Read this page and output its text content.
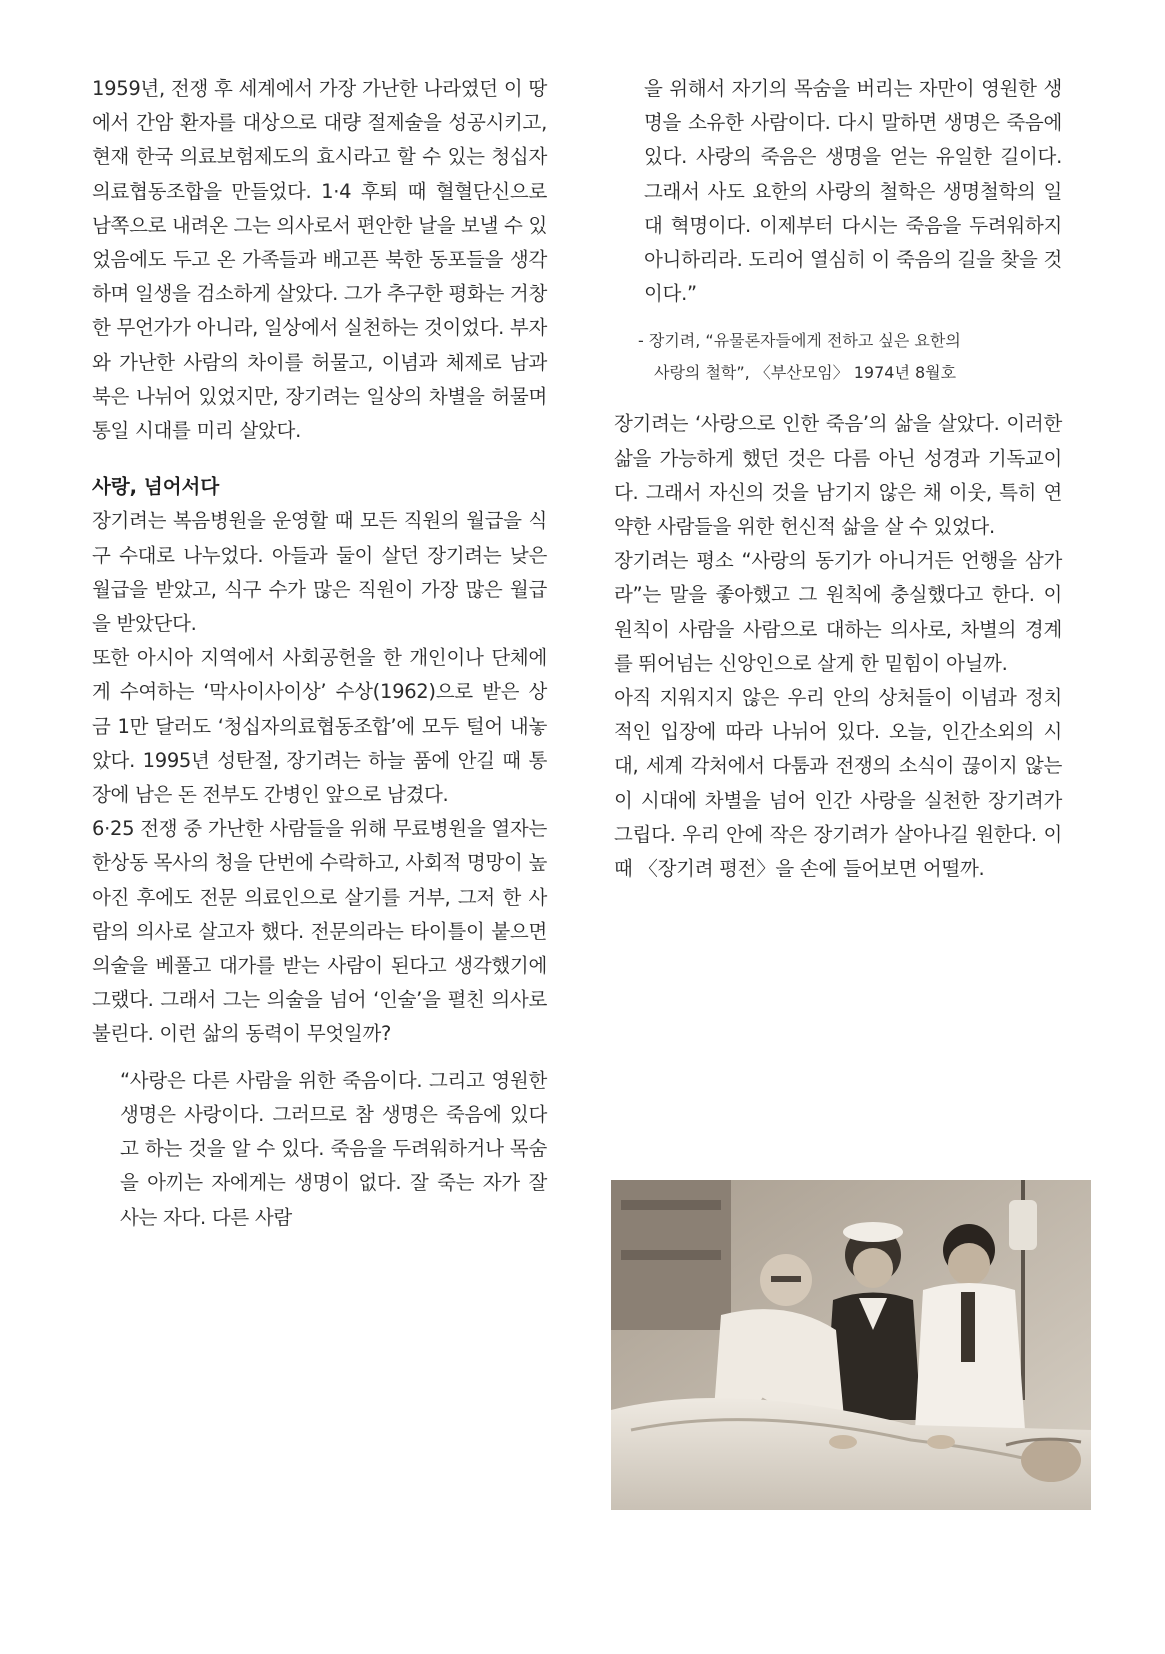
1959년, 전쟁 후 세계에서 가장 가난한 나라였던 이 땅에서 간암 환자를 대상으로 대량 절제술을 성공시키고, 현재 한국 의료보험제도의 효시라고 할 수 있는 청십자의료협동조합을 만들었다. 1·4 후퇴 때 혈혈단신으로 남쪽으로 내려온 그는 의사로서 편안한 날을 보낼 수 있었음에도 두고 온 가족들과 배고픈 북한 동포들을 생각하며 일생을 검소하게 살았다. 그가 추구한 평화는 거창한 무언가가 아니라, 일상에서 실천하는 것이었다. 부자와 가난한 사람의 차이를 허물고, 이념과 체제로 남과 북은 나뉘어 있었지만, 장기려는 일상의 차별을 허물며 통일 시대를 미리 살았다.

사랑, 넘어서다

장기려는 복음병원을 운영할 때 모든 직원의 월급을 식구 수대로 나누었다. 아들과 둘이 살던 장기려는 낮은 월급을 받았고, 식구 수가 많은 직원이 가장 많은 월급을 받았단다.

또한 아시아 지역에서 사회공헌을 한 개인이나 단체에게 수여하는 ‘막사이사이상’ 수상(1962)으로 받은 상금 1만 달러도 ‘청십자의료협동조합’에 모두 털어 내놓았다. 1995년 성탄절, 장기려는 하늘 품에 안길 때 통장에 남은 돈 전부도 간병인 앞으로 남겼다.

6·25 전쟁 중 가난한 사람들을 위해 무료병원을 열자는 한상동 목사의 청을 단번에 수락하고, 사회적 명망이 높아진 후에도 전문 의료인으로 살기를 거부, 그저 한 사람의 의사로 살고자 했다. 전문의라는 타이틀이 붙으면 의술을 베풀고 대가를 받는 사람이 된다고 생각했기에 그랬다. 그래서 그는 의술을 넘어 ‘인술’을 펼친 의사로 불린다. 이런 삶의 동력이 무엇일까?

“사랑은 다른 사람을 위한 죽음이다. 그리고 영원한 생명은 사랑이다. 그러므로 참 생명은 죽음에 있다고 하는 것을 알 수 있다. 죽음을 두려워하거나 목숨을 아끼는 자에게는 생명이 없다. 잘 죽는 자가 잘 사는 자다. 다른 사람

을 위해서 자기의 목숨을 버리는 자만이 영원한 생명을 소유한 사람이다. 다시 말하면 생명은 죽음에 있다. 사랑의 죽음은 생명을 얻는 유일한 길이다. 그래서 사도 요한의 사랑의 철학은 생명철학의 일대 혁명이다. 이제부터 다시는 죽음을 두려워하지 아니하리라. 도리어 열심히 이 죽음의 길을 찾을 것이다.”

- 장기려, “유물론자들에게 전하고 싶은 요한의
사랑의 철학”, 〈부산모임〉 1974년 8월호

장기려는 ‘사랑으로 인한 죽음’의 삶을 살았다. 이러한 삶을 가능하게 했던 것은 다름 아닌 성경과 기독교이다. 그래서 자신의 것을 남기지 않은 채 이웃, 특히 연약한 사람들을 위한 헌신적 삶을 살 수 있었다.

장기려는 평소 “사랑의 동기가 아니거든 언행을 삼가라”는 말을 좋아했고 그 원칙에 충실했다고 한다. 이 원칙이 사람을 사람으로 대하는 의사로, 차별의 경계를 뛰어넘는 신앙인으로 살게 한 밑힘이 아닐까.

아직 지워지지 않은 우리 안의 상처들이 이념과 정치적인 입장에 따라 나뉘어 있다. 오늘, 인간소외의 시대, 세계 각처에서 다툼과 전쟁의 소식이 끊이지 않는 이 시대에 차별을 넘어 인간 사랑을 실천한 장기려가 그립다. 우리 안에 작은 장기려가 살아나길 원한다. 이 때 〈장기려 평전〉을 손에 들어보면 어떨까.
